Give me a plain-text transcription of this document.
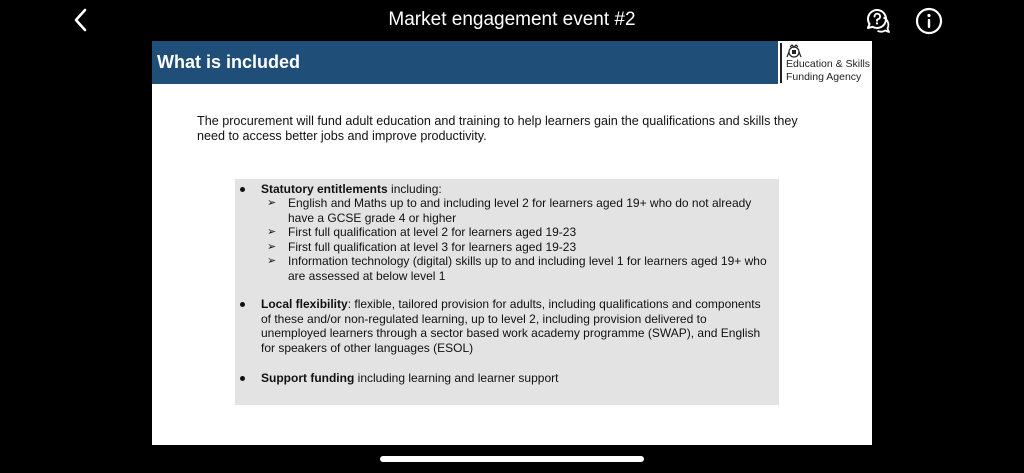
Market engagement event #2
What is included	Education & Skills
Funding Agency
The procurement will fund adult education and training to help learners gain the qualifications and skills they need to access better jobs and improve productivity.
Statutory entitlements including:
➢ English and Maths up to and including level 2 for learners aged 19+ who do not already have a GCSE grade 4 or higher
➢ First full qualification at level 2 for learners aged 19-23
➢ First full qualification at level 3 for learners aged 19-23
➢ Information technology (digital) skills up to and including level 1 for learners aged 19+ who are assessed at below level 1
Local flexibility: flexible, tailored provision for adults, including qualifications and components of these and/or non-regulated learning, up to level 2, including provision delivered to unemployed learners through a sector based work academy programme (SWAP), and English for speakers of other languages (ESOL)
Support funding including learning and learner support
